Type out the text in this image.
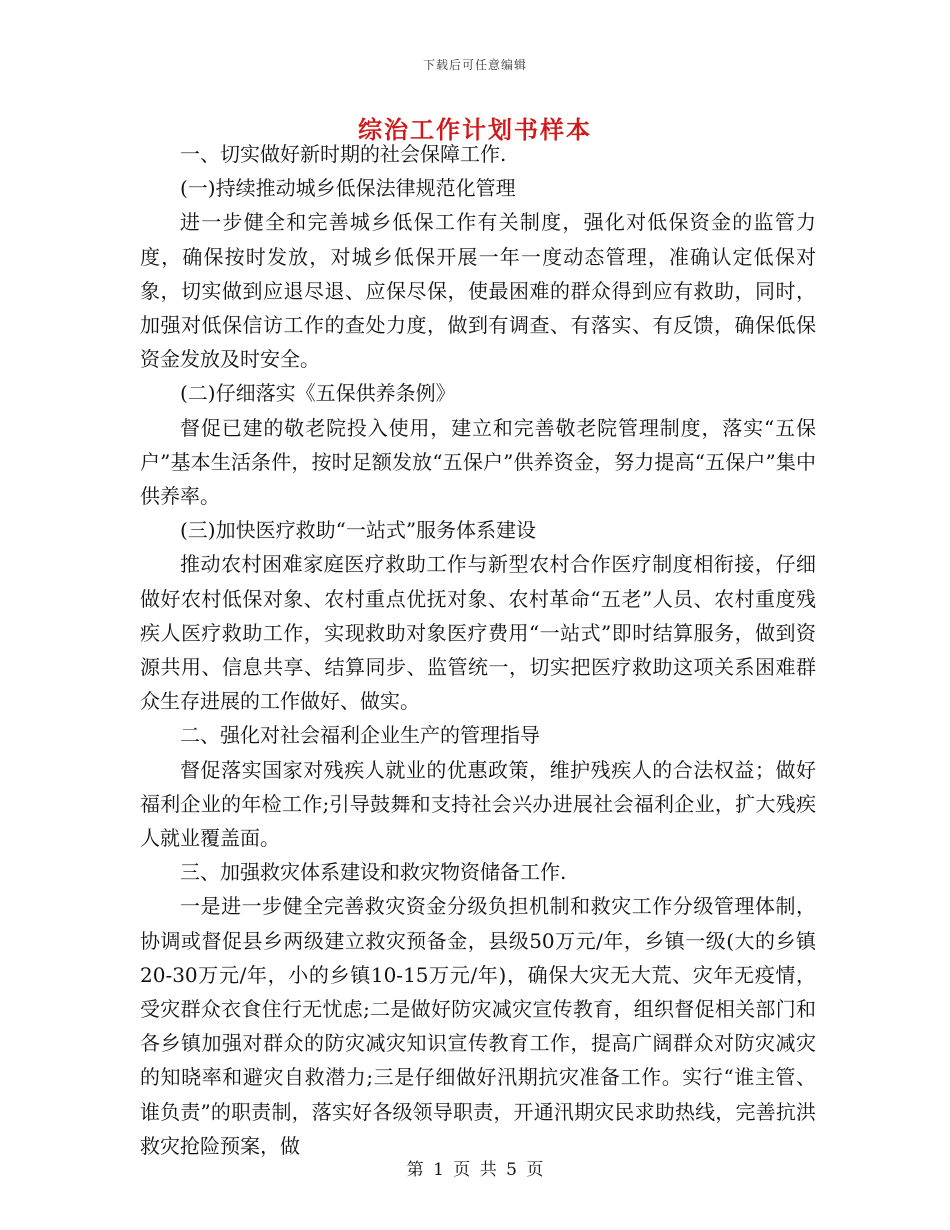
下载后可任意编辑
综治工作计划书样本

一、切实做好新时期的社会保障工作.

(一)持续推动城乡低保法律规范化管理

进一步健全和完善城乡低保工作有关制度，强化对低保资金的监管力度，确保按时发放，对城乡低保开展一年一度动态管理，准确认定低保对象，切实做到应退尽退、应保尽保，使最困难的群众得到应有救助，同时，加强对低保信访工作的查处力度，做到有调查、有落实、有反馈，确保低保资金发放及时安全。

(二)仔细落实《五保供养条例》

督促已建的敬老院投入使用，建立和完善敬老院管理制度，落实“五保户”基本生活条件，按时足额发放“五保户”供养资金，努力提高“五保户”集中供养率。

(三)加快医疗救助“一站式”服务体系建设

推动农村困难家庭医疗救助工作与新型农村合作医疗制度相衔接，仔细做好农村低保对象、农村重点优抚对象、农村革命“五老”人员、农村重度残疾人医疗救助工作，实现救助对象医疗费用“一站式”即时结算服务，做到资源共用、信息共享、结算同步、监管统一，切实把医疗救助这项关系困难群众生存进展的工作做好、做实。

二、强化对社会福利企业生产的管理指导

督促落实国家对残疾人就业的优惠政策，维护残疾人的合法权益；做好福利企业的年检工作;引导鼓舞和支持社会兴办进展社会福利企业，扩大残疾人就业覆盖面。

三、加强救灾体系建设和救灾物资储备工作.

一是进一步健全完善救灾资金分级负担机制和救灾工作分级管理体制，协调或督促县乡两级建立救灾预备金，县级50万元/年，乡镇一级(大的乡镇20-30万元/年，小的乡镇10-15万元/年)，确保大灾无大荒、灾年无疫情，受灾群众衣食住行无忧虑;二是做好防灾减灾宣传教育，组织督促相关部门和各乡镇加强对群众的防灾减灾知识宣传教育工作，提高广阔群众对防灾减灾的知晓率和避灾自救潜力;三是仔细做好汛期抗灾准备工作。实行“谁主管、谁负责”的职责制，落实好各级领导职责，开通汛期灾民求助热线，完善抗洪救灾抢险预案，做

第 1 页 共 5 页
